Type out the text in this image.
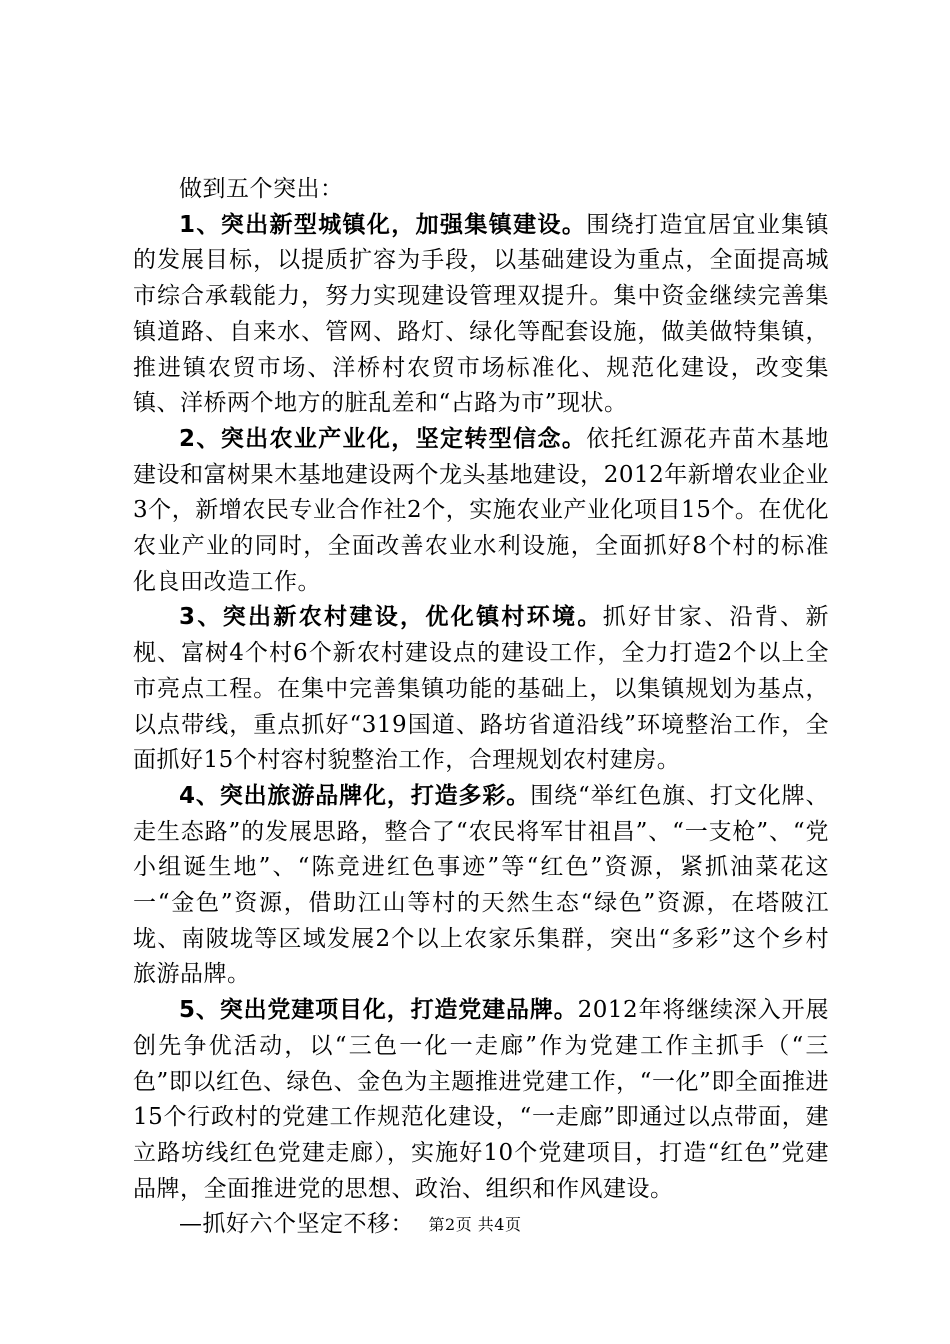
做到五个突出：

1、突出新型城镇化，加强集镇建设。围绕打造宜居宜业集镇的发展目标，以提质扩容为手段，以基础建设为重点，全面提高城市综合承载能力，努力实现建设管理双提升。集中资金继续完善集镇道路、自来水、管网、路灯、绿化等配套设施，做美做特集镇，推进镇农贸市场、洋桥村农贸市场标准化、规范化建设，改变集镇、洋桥两个地方的脏乱差和“占路为市”现状。

2、突出农业产业化，坚定转型信念。依托红源花卉苗木基地建设和富树果木基地建设两个龙头基地建设，2012年新增农业企业3个，新增农民专业合作社2个，实施农业产业化项目15个。在优化农业产业的同时，全面改善农业水利设施，全面抓好8个村的标准化良田改造工作。

3、突出新农村建设，优化镇村环境。抓好甘家、沿背、新枧、富树4个村6个新农村建设点的建设工作，全力打造2个以上全市亮点工程。在集中完善集镇功能的基础上，以集镇规划为基点，以点带线，重点抓好“319国道、路坊省道沿线”环境整治工作，全面抓好15个村容村貌整治工作，合理规划农村建房。

4、突出旅游品牌化，打造多彩。围绕“举红色旗、打文化牌、走生态路”的发展思路，整合了“农民将军甘祖昌”、“一支枪”、“党小组诞生地”、“陈竞进红色事迹”等“红色”资源，紧抓油菜花这一“金色”资源，借助江山等村的天然生态“绿色”资源，在塔陂江垅、南陂垅等区域发展2个以上农家乐集群，突出“多彩”这个乡村旅游品牌。

5、突出党建项目化，打造党建品牌。2012年将继续深入开展创先争优活动，以“三色一化一走廊”作为党建工作主抓手（“三色”即以红色、绿色、金色为主题推进党建工作，“一化”即全面推进15个行政村的党建工作规范化建设，“一走廊”即通过以点带面，建立路坊线红色党建走廊），实施好10个党建项目，打造“红色”党建品牌，全面推进党的思想、政治、组织和作风建设。

—抓好六个坚定不移： 第2页 共4页
